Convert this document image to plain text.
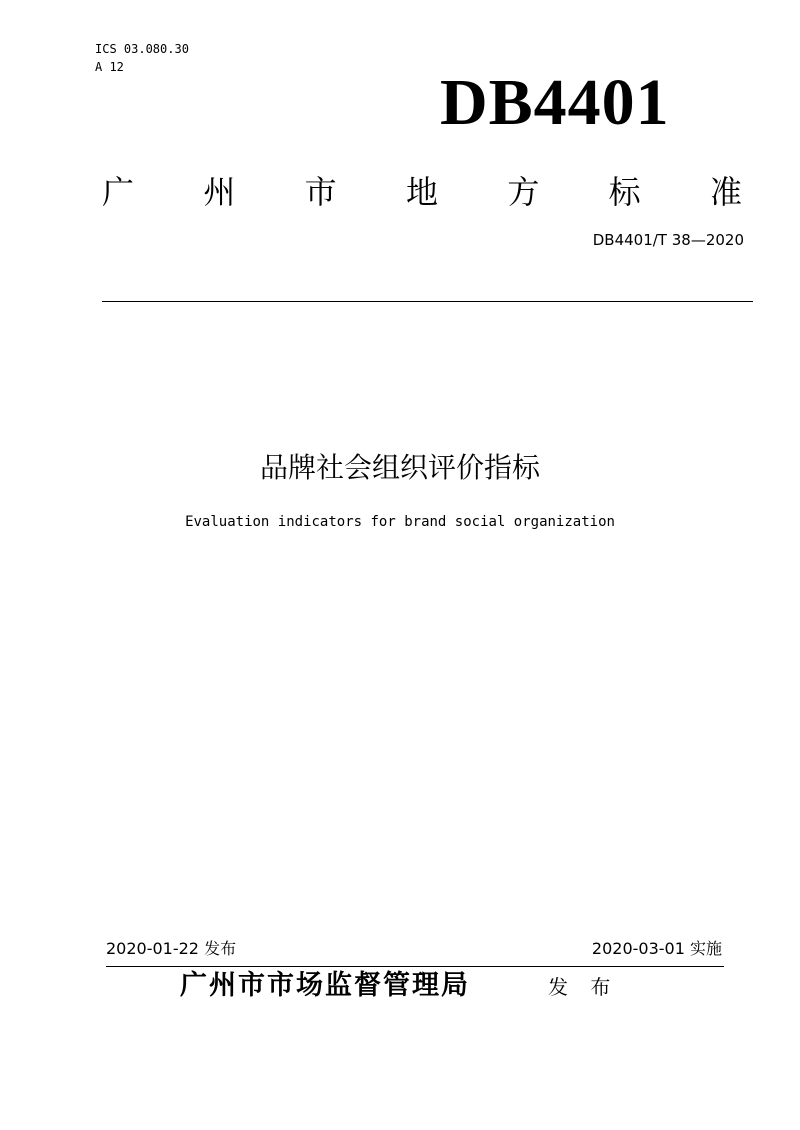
ICS 03.080.30
A 12	DB4401
广 州 市 地 方 标 准
DB4401/T 38—2020
品牌社会组织评价指标
Evaluation indicators for brand social organization
2020-01-22 发布	2020-03-01 实施
广州市市场监督管理局	发 布
